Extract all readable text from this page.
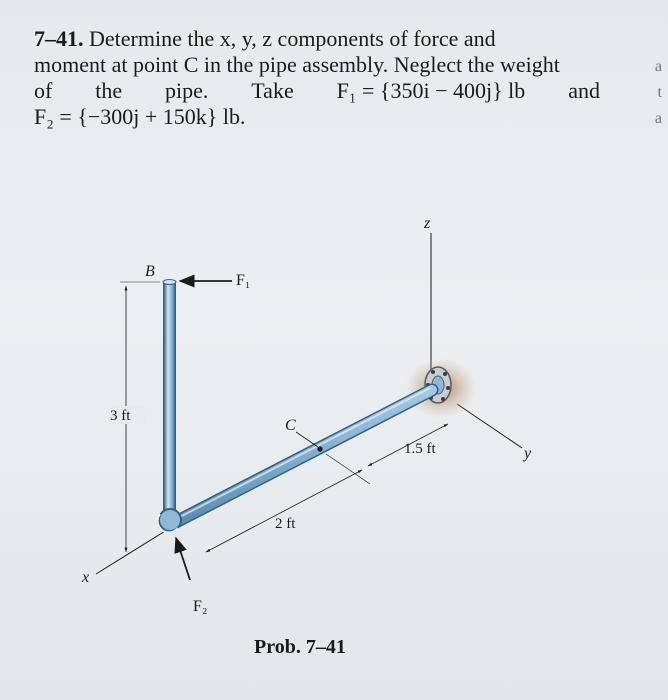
7–41. Determine the x, y, z components of force and

moment at point C in the pipe assembly. Neglect the weight

of the pipe. Take F₁ = {350i − 400j} lb and

F₂ = {−300j + 150k} lb.

a
t
a
z
y
x
C
B
F₁
F₂
3 ft
2 ft
1.5 ft
Prob. 7–41
